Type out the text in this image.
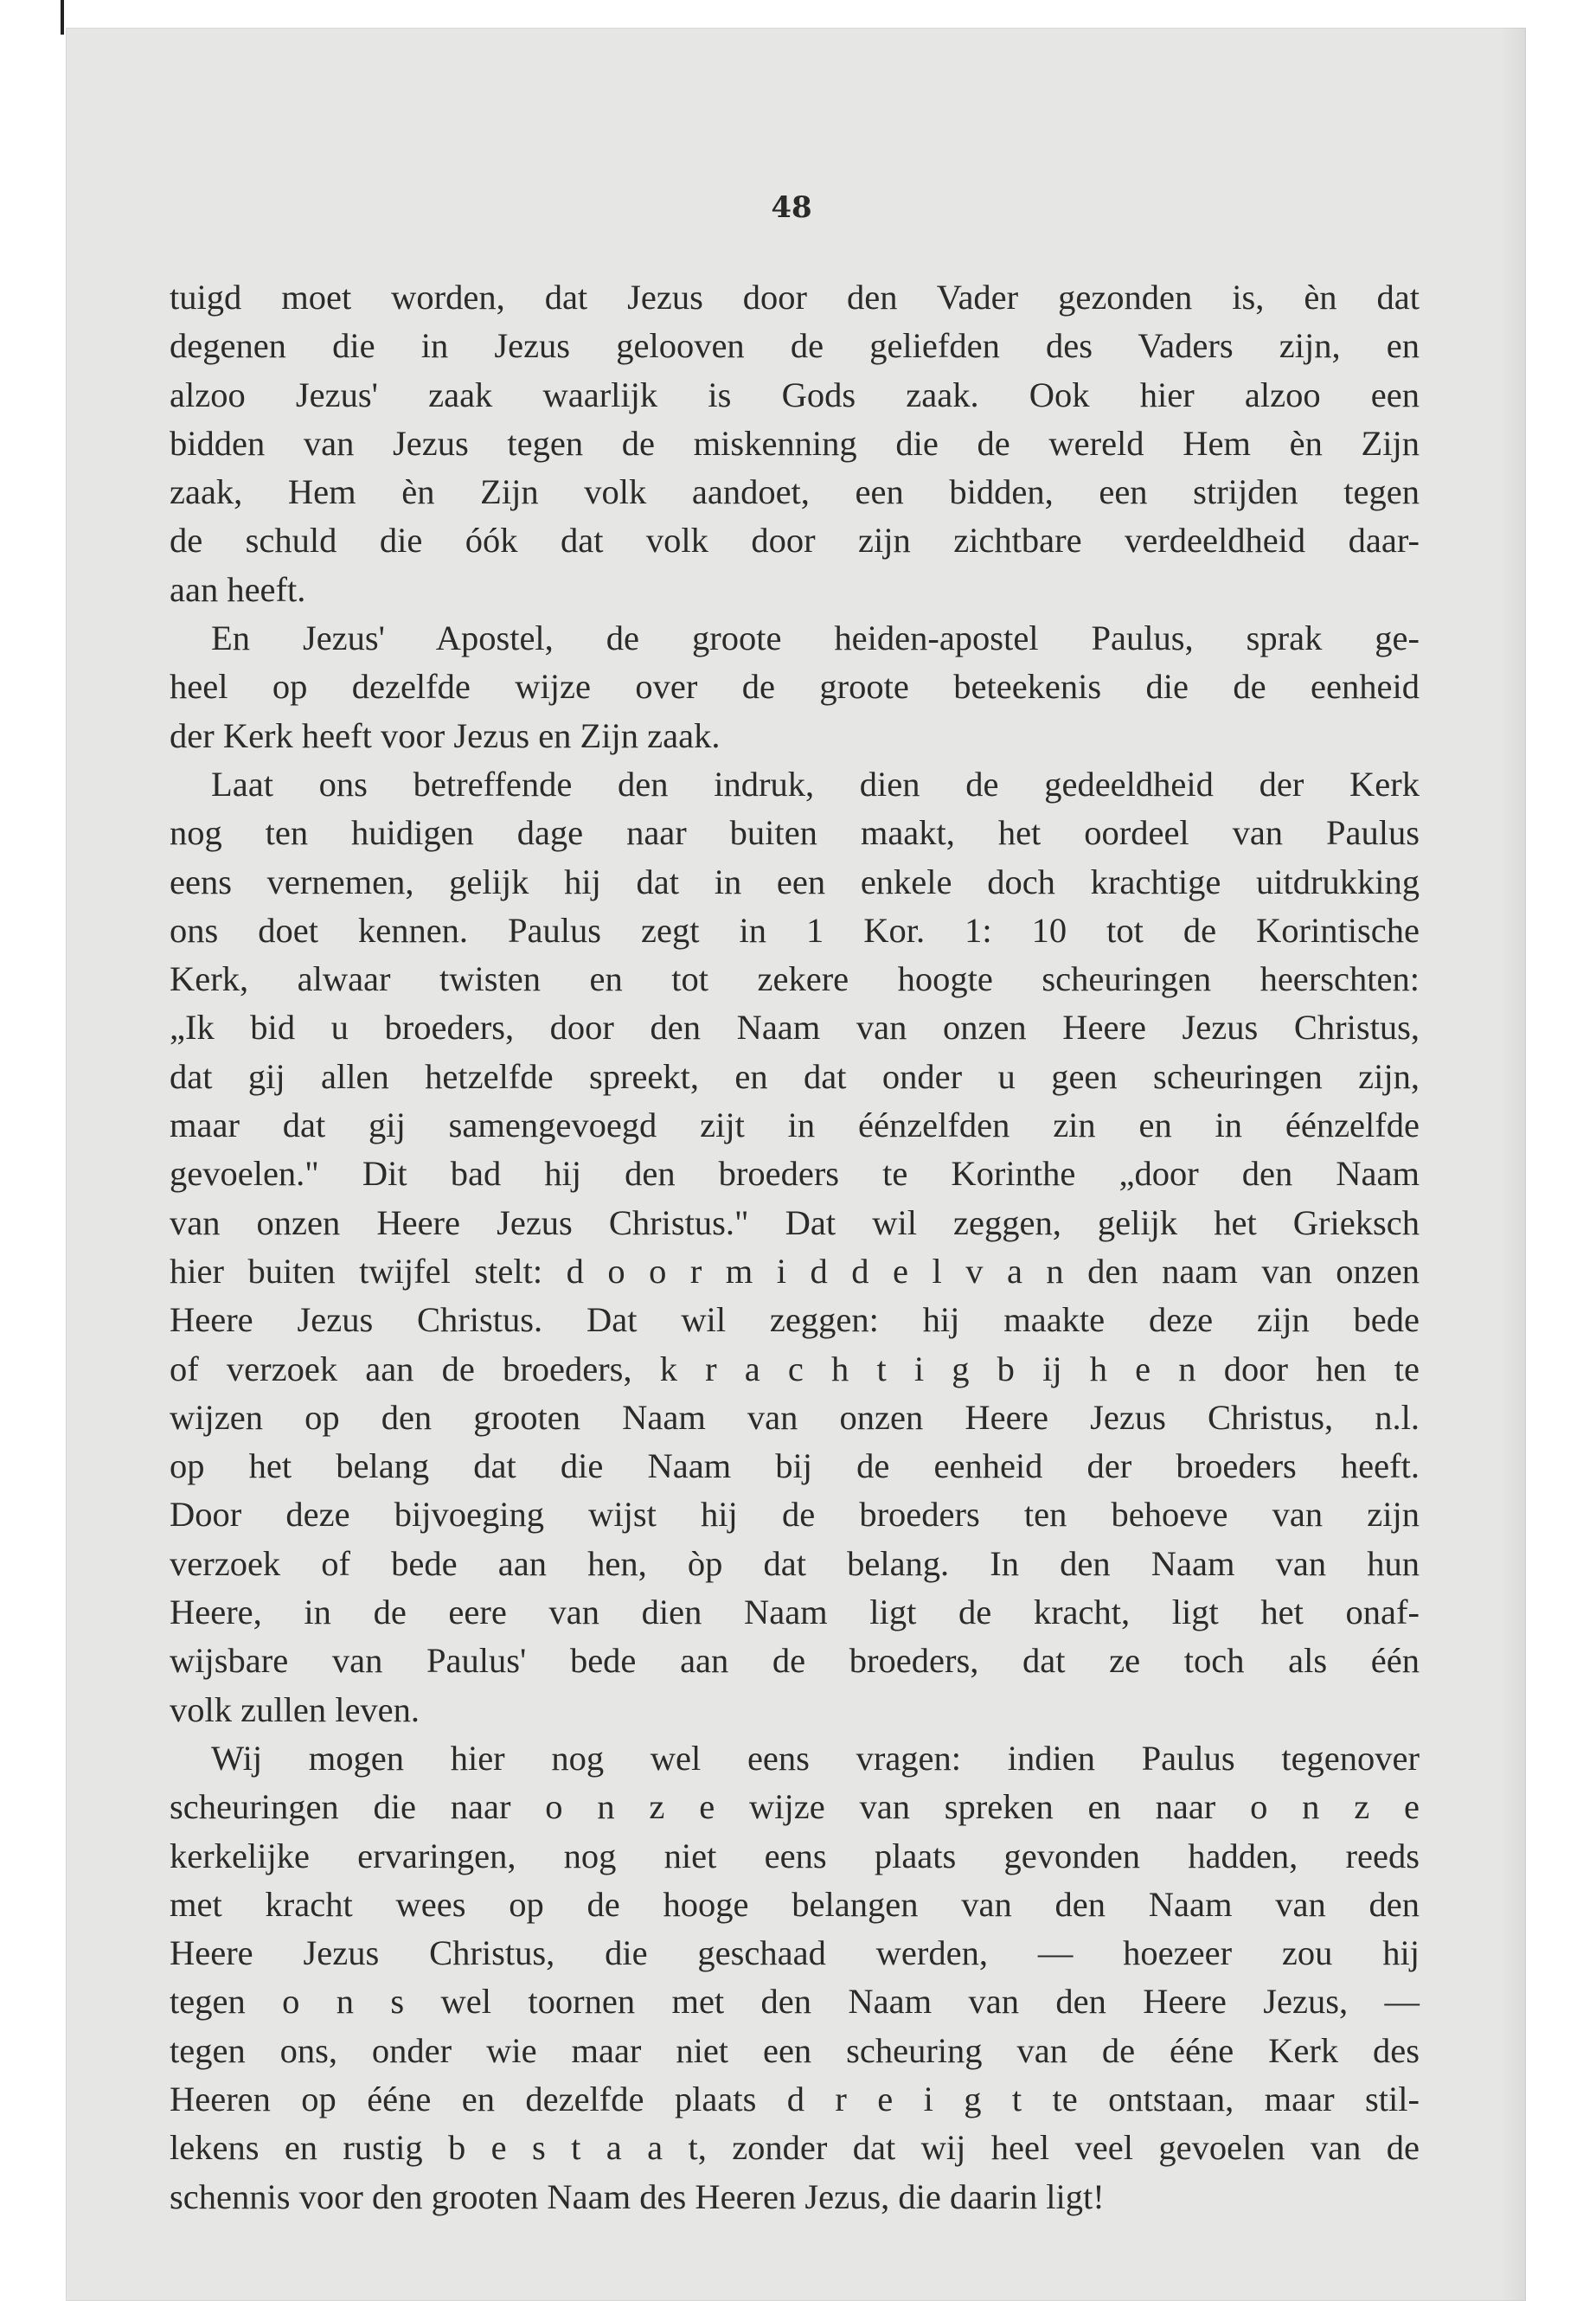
48

tuigd moet worden, dat Jezus door den Vader gezonden is, èn dat
degenen die in Jezus gelooven de geliefden des Vaders zijn, en
alzoo Jezus' zaak waarlijk is Gods zaak. Ook hier alzoo een
bidden van Jezus tegen de miskenning die de wereld Hem èn Zijn
zaak, Hem èn Zijn volk aandoet, een bidden, een strijden tegen
de schuld die óók dat volk door zijn zichtbare verdeeldheid daar-
aan heeft.

En Jezus' Apostel, de groote heiden-apostel Paulus, sprak ge-
heel op dezelfde wijze over de groote beteekenis die de eenheid
der Kerk heeft voor Jezus en Zijn zaak.

Laat ons betreffende den indruk, dien de gedeeldheid der Kerk
nog ten huidigen dage naar buiten maakt, het oordeel van Paulus
eens vernemen, gelijk hij dat in een enkele doch krachtige uitdrukking
ons doet kennen. Paulus zegt in 1 Kor. 1: 10 tot de Korintische
Kerk, alwaar twisten en tot zekere hoogte scheuringen heerschten:
„Ik bid u broeders, door den Naam van onzen Heere Jezus Christus,
dat gij allen hetzelfde spreekt, en dat onder u geen scheuringen zijn,
maar dat gij samengevoegd zijt in éénzelfden zin en in éénzelfde
gevoelen." Dit bad hij den broeders te Korinthe „door den Naam
van onzen Heere Jezus Christus." Dat wil zeggen, gelijk het Grieksch
hier buiten twijfel stelt: d o o r m i d d e l v a n den naam van onzen
Heere Jezus Christus. Dat wil zeggen: hij maakte deze zijn bede
of verzoek aan de broeders, k r a c h t i g b ij h e n door hen te
wijzen op den grooten Naam van onzen Heere Jezus Christus, n.l.
op het belang dat die Naam bij de eenheid der broeders heeft.
Door deze bijvoeging wijst hij de broeders ten behoeve van zijn
verzoek of bede aan hen, òp dat belang. In den Naam van hun
Heere, in de eere van dien Naam ligt de kracht, ligt het onaf-
wijsbare van Paulus' bede aan de broeders, dat ze toch als één
volk zullen leven.

Wij mogen hier nog wel eens vragen: indien Paulus tegenover
scheuringen die naar o n z e wijze van spreken en naar o n z e
kerkelijke ervaringen, nog niet eens plaats gevonden hadden, reeds
met kracht wees op de hooge belangen van den Naam van den
Heere Jezus Christus, die geschaad werden, — hoezeer zou hij
tegen o n s wel toornen met den Naam van den Heere Jezus, —
tegen ons, onder wie maar niet een scheuring van de éénе Kerk des
Heeren op ééne en dezelfde plaats d r e i g t te ontstaan, maar stil-
lekens en rustig b e s t a a t, zonder dat wij heel veel gevoelen van de
schennis voor den grooten Naam des Heeren Jezus, die daarin ligt!
